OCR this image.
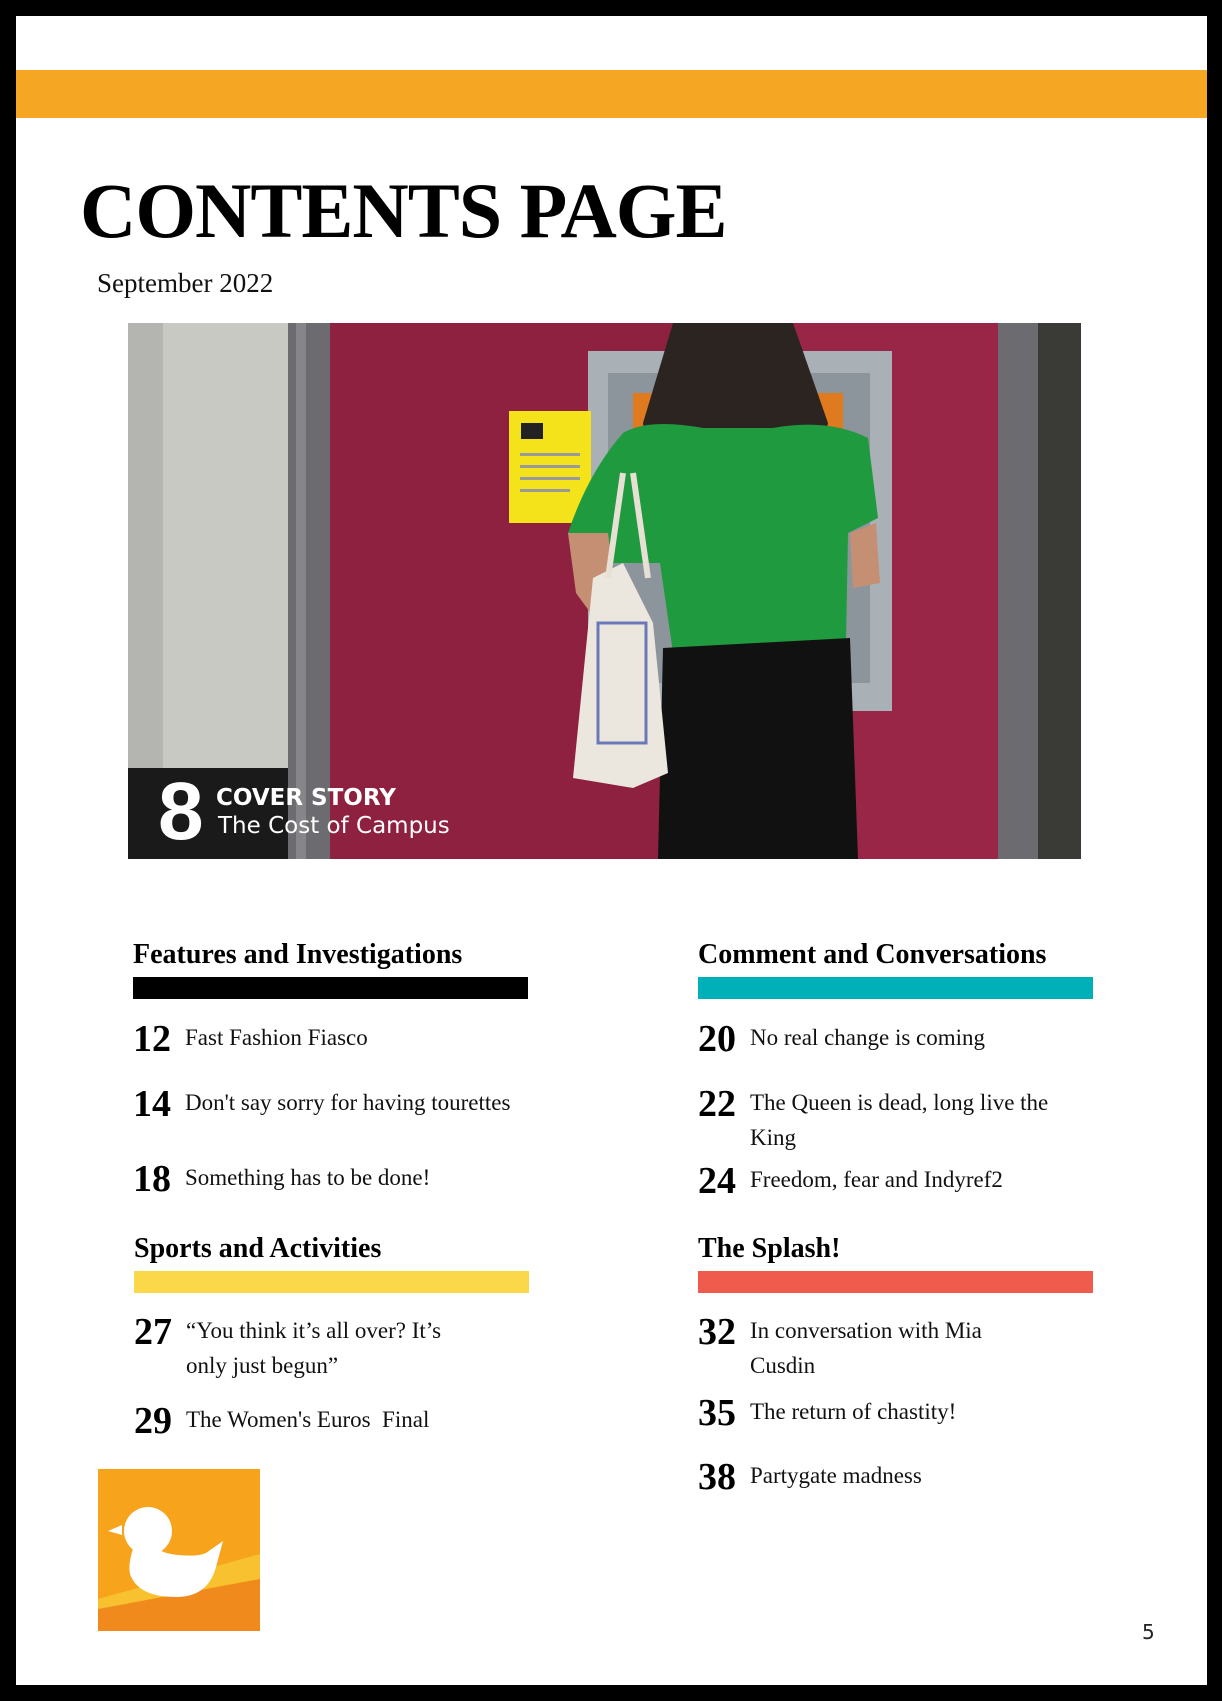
CONTENTS PAGE
September 2022
8 COVER STORY
The Cost of Campus
Features and Investigations
12 Fast Fashion Fiasco
14 Don't say sorry for having tourettes
18 Something has to be done!
Comment and Conversations
20 No real change is coming
22 The Queen is dead, long live the King
24 Freedom, fear and Indyref2
Sports and Activities
27 “You think it’s all over? It’s only just begun”
29 The Women's Euros  Final
The Splash!
32 In conversation with Mia Cusdin
35 The return of chastity!
38 Partygate madness
5
